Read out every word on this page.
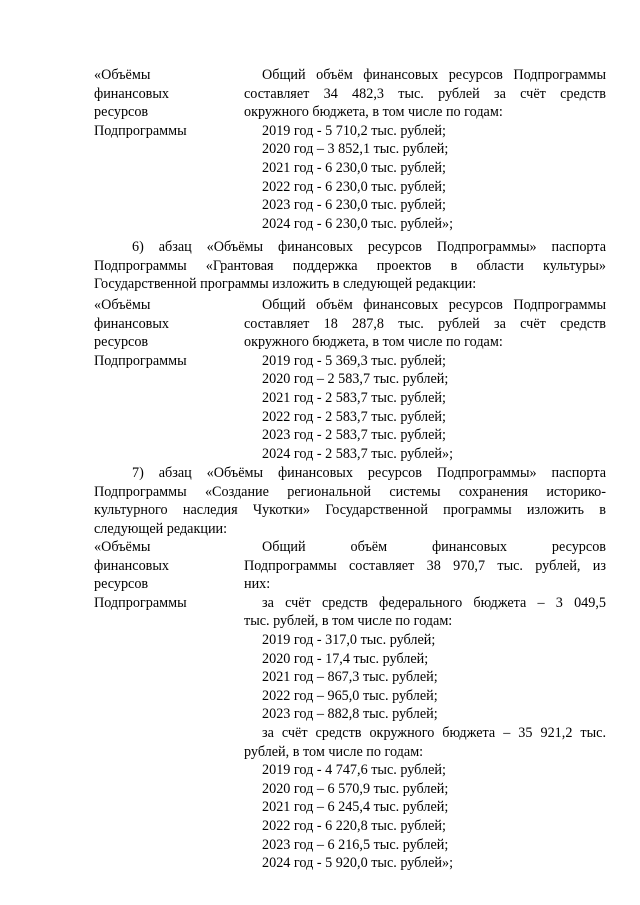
«Объёмы
финансовых
ресурсов
Подпрограммы
Общий объём финансовых ресурсов Подпрограммы
составляет 34 482,3 тыс. рублей за счёт средств
окружного бюджета, в том числе по годам:
2019 год - 5 710,2 тыс. рублей;
2020 год – 3 852,1 тыс. рублей;
2021 год - 6 230,0 тыс. рублей;
2022 год - 6 230,0 тыс. рублей;
2023 год - 6 230,0 тыс. рублей;
2024 год - 6 230,0 тыс. рублей»;
6) абзац «Объёмы финансовых ресурсов Подпрограммы» паспорта
Подпрограммы «Грантовая поддержка проектов в области культуры»
Государственной программы изложить в следующей редакции:
«Объёмы
финансовых
ресурсов
Подпрограммы
Общий объём финансовых ресурсов Подпрограммы
составляет 18 287,8 тыс. рублей за счёт средств
окружного бюджета, в том числе по годам:
2019 год - 5 369,3 тыс. рублей;
2020 год – 2 583,7 тыс. рублей;
2021 год - 2 583,7 тыс. рублей;
2022 год - 2 583,7 тыс. рублей;
2023 год - 2 583,7 тыс. рублей;
2024 год - 2 583,7 тыс. рублей»;
7) абзац «Объёмы финансовых ресурсов Подпрограммы» паспорта
Подпрограммы «Создание региональной системы сохранения историко-
культурного наследия Чукотки» Государственной программы изложить в
следующей редакции:
«Объёмы
финансовых
ресурсов
Подпрограммы
Общий объём финансовых ресурсов
Подпрограммы составляет 38 970,7 тыс. рублей, из
них:
за счёт средств федерального бюджета – 3 049,5
тыс. рублей, в том числе по годам:
2019 год - 317,0 тыс. рублей;
2020 год - 17,4 тыс. рублей;
2021 год – 867,3 тыс. рублей;
2022 год – 965,0 тыс. рублей;
2023 год – 882,8 тыс. рублей;
за счёт средств окружного бюджета – 35 921,2 тыс.
рублей, в том числе по годам:
2019 год - 4 747,6 тыс. рублей;
2020 год – 6 570,9 тыс. рублей;
2021 год – 6 245,4 тыс. рублей;
2022 год - 6 220,8 тыс. рублей;
2023 год – 6 216,5 тыс. рублей;
2024 год - 5 920,0 тыс. рублей»;
